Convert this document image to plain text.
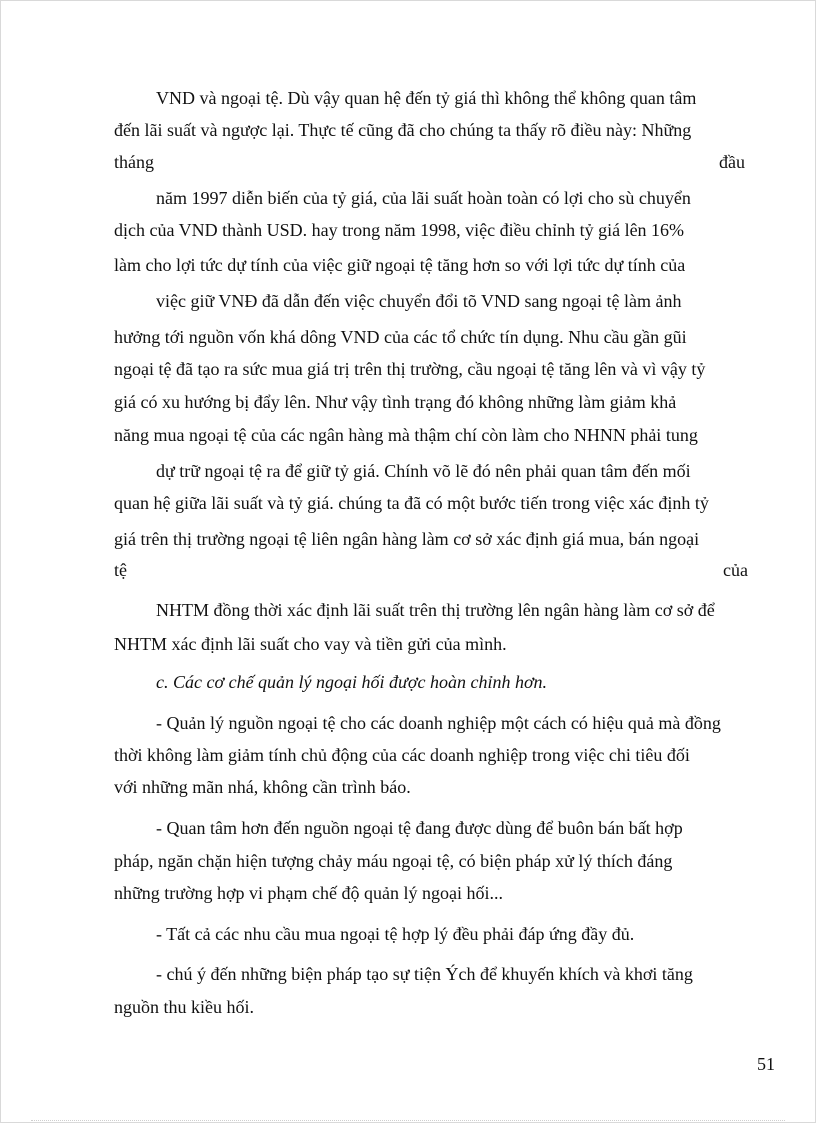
VND và ngoại tệ. Dù vậy quan hệ đến tỷ giá thì không thể không quan tâm
đến lãi suất và ngược lại. Thực tế cũng đã cho chúng ta thấy rõ điều này: Những
tháng	đầu
năm 1997 diễn biến của tỷ giá, của lãi suất hoàn toàn có lợi cho sù chuyển
dịch của VND thành USD. hay trong năm 1998, việc điều chỉnh tỷ giá lên 16%
làm cho lợi tức dự tính của việc giữ ngoại tệ tăng hơn so với lợi tức dự tính của
việc giữ VNĐ đã dẫn đến việc chuyển đổi tõ VND sang ngoại tệ làm ảnh
hưởng tới nguồn vốn khá dông VND của các tổ chức tín dụng. Nhu cầu gần gũi
ngoại tệ đã tạo ra sức mua giá trị trên thị trường, cầu ngoại tệ tăng lên và vì vậy tỷ
giá có xu hướng bị đẩy lên. Như vậy tình trạng đó không những làm giảm khả
năng mua ngoại tệ của các ngân hàng mà thậm chí còn làm cho NHNN phải tung
dự trữ ngoại tệ ra để giữ tỷ giá. Chính võ lẽ đó nên phải quan tâm đến mối
quan hệ giữa lãi suất và tỷ giá. chúng ta đã có một bước tiến trong việc xác định tỷ
giá trên thị trường ngoại tệ liên ngân hàng làm cơ sở xác định giá mua, bán ngoại
tệ	của
NHTM đồng thời xác định lãi suất trên thị trường lên ngân hàng làm cơ sở để
NHTM xác định lãi suất cho vay và tiền gửi của mình.
c. Các cơ chế quản lý ngoại hối được hoàn chỉnh hơn.
- Quản lý nguồn ngoại tệ cho các doanh nghiệp một cách có hiệu quả mà đồng
thời không làm giảm tính chủ động của các doanh nghiệp trong việc chi tiêu đối
với những mãn nhá, không cần trình báo.
- Quan tâm hơn đến nguồn ngoại tệ đang được dùng để buôn bán bất hợp
pháp, ngăn chặn hiện tượng chảy máu ngoại tệ, có biện pháp xử lý thích đáng
những trường hợp vi phạm chế độ quản lý ngoại hối...
- Tất cả các nhu cầu mua ngoại tệ hợp lý đều phải đáp ứng đầy đủ.
- chú ý đến những biện pháp tạo sự tiện Ých để khuyến khích và khơi tăng
nguồn thu kiều hối.
51
